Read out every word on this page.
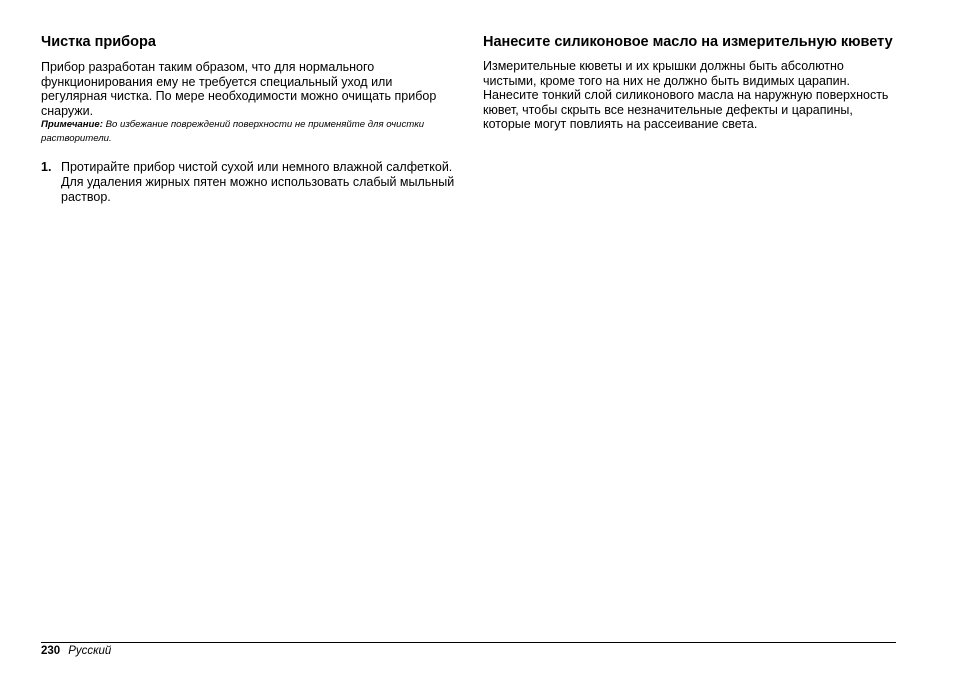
Чистка прибора

Прибор разработан таким образом, что для нормального функционирования ему не требуется специальный уход или регулярная чистка. По мере необходимости можно очищать прибор снаружи.

Примечание: Во избежание повреждений поверхности не применяйте для очистки растворители.

1. Протирайте прибор чистой сухой или немного влажной салфеткой. Для удаления жирных пятен можно использовать слабый мыльный раствор.
Нанесите силиконовое масло на измерительную кювету

Измерительные кюветы и их крышки должны быть абсолютно чистыми, кроме того на них не должно быть видимых царапин. Нанесите тонкий слой силиконового масла на наружную поверхность кювет, чтобы скрыть все незначительные дефекты и царапины, которые могут повлиять на рассеивание света.

230 Русский
